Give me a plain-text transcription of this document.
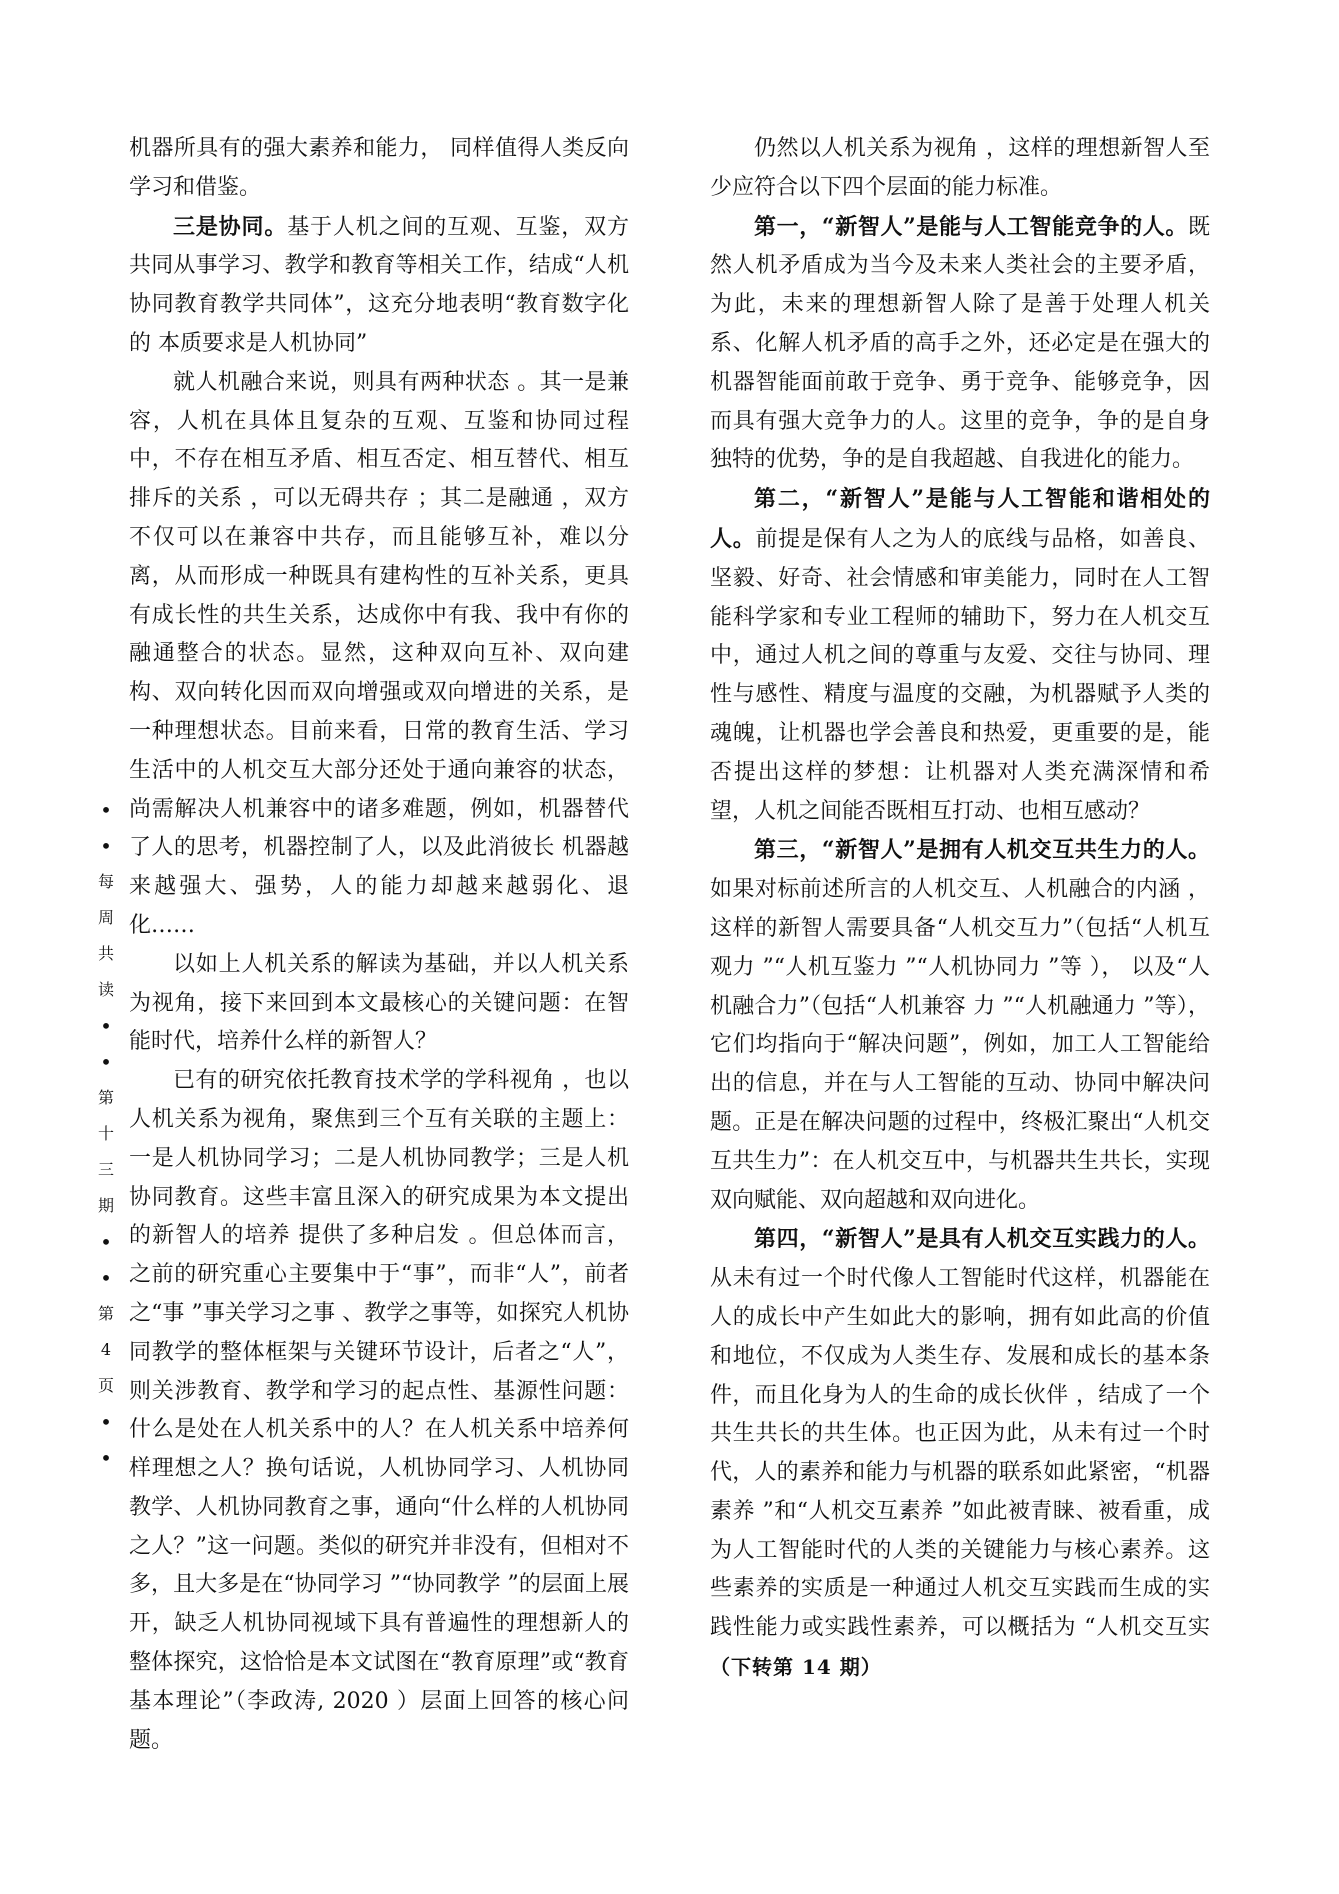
•
•
每
周
共
读
•
•
第
十
三
期
•
•
第
4
页
•
•

机器所具有的强大素养和能力， 同样值得人类反向学习和借鉴。

三是协同。基于人机之间的互观、互鉴，双方共同从事学习、教学和教育等相关工作，结成“人机协同教育教学共同体”，这充分地表明“教育数字化的 本质要求是人机协同”

就人机融合来说，则具有两种状态 。其一是兼容，人机在具体且复杂的互观、互鉴和协同过程中，不存在相互矛盾、相互否定、相互替代、相互排斥的关系 ，可以无碍共存 ；其二是融通 ，双方不仅可以在兼容中共存，而且能够互补，难以分离，从而形成一种既具有建构性的互补关系，更具有成长性的共生关系，达成你中有我、我中有你的融通整合的状态。显然，这种双向互补、双向建构、双向转化因而双向增强或双向增进的关系，是一种理想状态。目前来看，日常的教育生活、学习生活中的人机交互大部分还处于通向兼容的状态，尚需解决人机兼容中的诸多难题，例如，机器替代了人的思考，机器控制了人，以及此消彼长 机器越来越强大、强势，人的能力却越来越弱化、退化……

以如上人机关系的解读为基础，并以人机关系为视角，接下来回到本文最核心的关键问题：在智能时代，培养什么样的新智人？

已有的研究依托教育技术学的学科视角 ，也以人机关系为视角，聚焦到三个互有关联的主题上：一是人机协同学习；二是人机协同教学；三是人机协同教育。这些丰富且深入的研究成果为本文提出的新智人的培养 提供了多种启发 。但总体而言， 之前的研究重心主要集中于“事”，而非“人”，前者之“事 ”事关学习之事 、教学之事等，如探究人机协同教学的整体框架与关键环节设计，后者之“人”，则关涉教育、教学和学习的起点性、基源性问题：什么是处在人机关系中的人？在人机关系中培养何样理想之人？换句话说，人机协同学习、人机协同教学、人机协同教育之事，通向“什么样的人机协同之人？”这一问题。类似的研究并非没有，但相对不多，且大多是在“协同学习 ”“协同教学 ”的层面上展开，缺乏人机协同视域下具有普遍性的理想新人的整体探究，这恰恰是本文试图在“教育原理”或“教育基本理论”（李政涛, 2020 ）层面上回答的核心问题。

仍然以人机关系为视角 ，这样的理想新智人至少应符合以下四个层面的能力标准。

第一，“新智人”是能与人工智能竞争的人。既然人机矛盾成为当今及未来人类社会的主要矛盾，为此，未来的理想新智人除了是善于处理人机关系、化解人机矛盾的高手之外，还必定是在强大的机器智能面前敢于竞争、勇于竞争、能够竞争，因而具有强大竞争力的人。这里的竞争，争的是自身独特的优势，争的是自我超越、自我进化的能力。

第二，“新智人”是能与人工智能和谐相处的人。前提是保有人之为人的底线与品格，如善良、坚毅、好奇、社会情感和审美能力，同时在人工智能科学家和专业工程师的辅助下，努力在人机交互中，通过人机之间的尊重与友爱、交往与协同、理性与感性、精度与温度的交融，为机器赋予人类的魂魄，让机器也学会善良和热爱，更重要的是，能否提出这样的梦想：让机器对人类充满深情和希望，人机之间能否既相互打动、也相互感动？

第三，“新智人”是拥有人机交互共生力的人。如果对标前述所言的人机交互、人机融合的内涵 ，这样的新智人需要具备“人机交互力”（包括“人机互观力 ”“人机互鉴力 ”“人机协同力 ”等 ）， 以及“人机融合力”（包括“人机兼容 力 ”“人机融通力 ”等），它们均指向于“解决问题”，例如，加工人工智能给出的信息，并在与人工智能的互动、协同中解决问题。正是在解决问题的过程中，终极汇聚出“人机交互共生力”：在人机交互中，与机器共生共长，实现双向赋能、双向超越和双向进化。

第四，“新智人”是具有人机交互实践力的人。从未有过一个时代像人工智能时代这样，机器能在人的成长中产生如此大的影响，拥有如此高的价值和地位，不仅成为人类生存、发展和成长的基本条件，而且化身为人的生命的成长伙伴 ，结成了一个共生共长的共生体。也正因为此，从未有过一个时代，人的素养和能力与机器的联系如此紧密，“机器素养 ”和“人机交互素养 ”如此被青睐、被看重，成为人工智能时代的人类的关键能力与核心素养。这些素养的实质是一种通过人机交互实践而生成的实践性能力或实践性素养，可以概括为 “人机交互实（下转第 14 期）
